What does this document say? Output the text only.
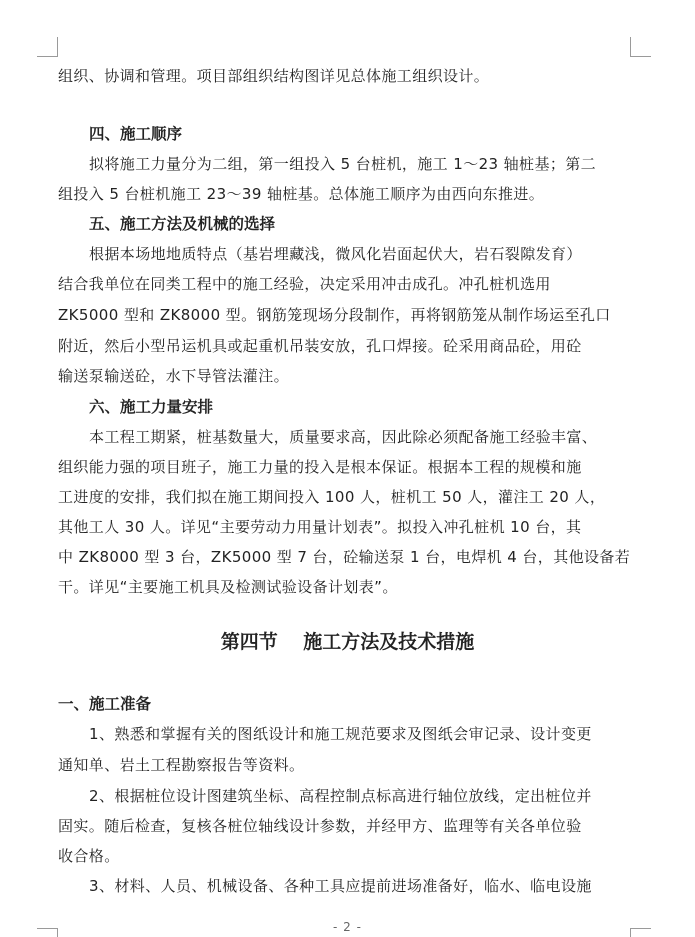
组织、协调和管理。项目部组织结构图详见总体施工组织设计。
四、施工顺序
拟将施工力量分为二组，第一组投入 5 台桩机，施工 1～23 轴桩基；第二
组投入 5 台桩机施工 23～39 轴桩基。总体施工顺序为由西向东推进。
五、施工方法及机械的选择
根据本场地地质特点（基岩埋藏浅，微风化岩面起伏大，岩石裂隙发育）
结合我单位在同类工程中的施工经验，决定采用冲击成孔。冲孔桩机选用
ZK5000 型和 ZK8000 型。钢筋笼现场分段制作，再将钢筋笼从制作场运至孔口
附近，然后小型吊运机具或起重机吊装安放，孔口焊接。砼采用商品砼，用砼
输送泵输送砼，水下导管法灌注。
六、施工力量安排
本工程工期紧，桩基数量大，质量要求高，因此除必须配备施工经验丰富、
组织能力强的项目班子，施工力量的投入是根本保证。根据本工程的规模和施
工进度的安排，我们拟在施工期间投入 100 人，桩机工 50 人，灌注工 20 人，
其他工人 30 人。详见“主要劳动力用量计划表”。拟投入冲孔桩机 10 台，其
中 ZK8000 型 3 台，ZK5000 型 7 台，砼输送泵 1 台，电焊机 4 台，其他设备若
干。详见“主要施工机具及检测试验设备计划表”。
第四节　 施工方法及技术措施
一、施工准备
1、熟悉和掌握有关的图纸设计和施工规范要求及图纸会审记录、设计变更
通知单、岩土工程勘察报告等资料。
2、根据桩位设计图建筑坐标、高程控制点标高进行轴位放线，定出桩位并
固实。随后检查，复核各桩位轴线设计参数，并经甲方、监理等有关各单位验
收合格。
3、材料、人员、机械设备、各种工具应提前进场准备好，临水、临电设施
- 2 -
